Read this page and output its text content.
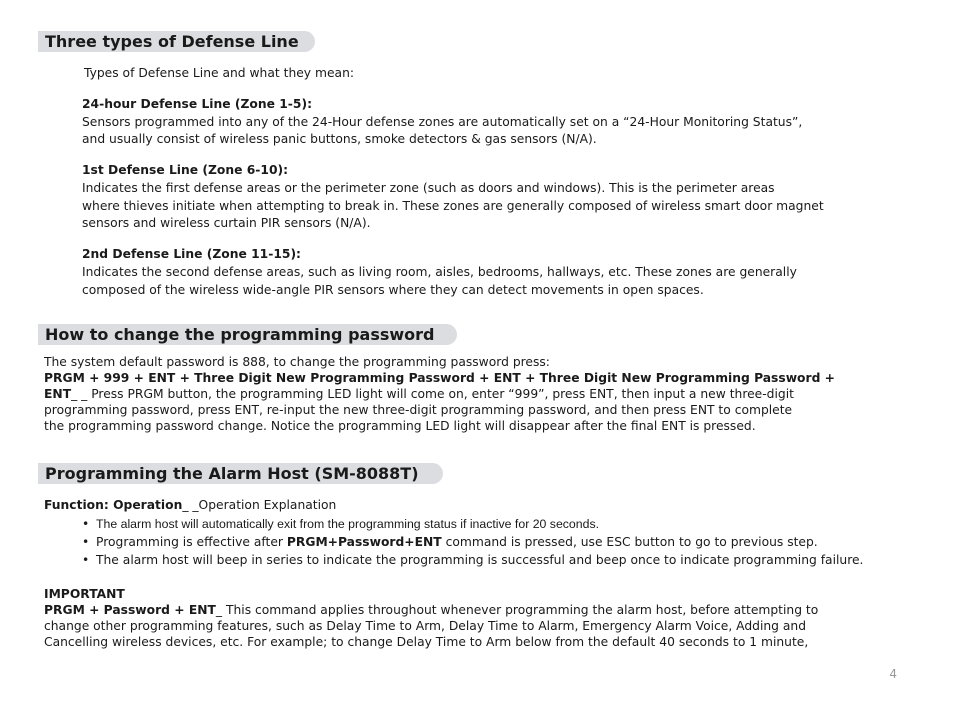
Three types of Defense Line
Types of Defense Line and what they mean:
24-hour Defense Line (Zone 1-5):
Sensors programmed into any of the 24-Hour defense zones are automatically set on a “24-Hour Monitoring Status”,
and usually consist of wireless panic buttons, smoke detectors & gas sensors (N/A).
1st Defense Line (Zone 6-10):
Indicates the first defense areas or the perimeter zone (such as doors and windows). This is the perimeter areas
where thieves initiate when attempting to break in. These zones are generally composed of wireless smart door magnet
sensors and wireless curtain PIR sensors (N/A).
2nd Defense Line (Zone 11-15):
Indicates the second defense areas, such as living room, aisles, bedrooms, hallways, etc. These zones are generally
composed of the wireless wide-angle PIR sensors where they can detect movements in open spaces.
How to change the programming password
The system default password is 888, to change the programming password press:
PRGM + 999 + ENT + Three Digit New Programming Password + ENT + Three Digit New Programming Password +
ENT_ _ Press PRGM button, the programming LED light will come on, enter “999”, press ENT, then input a new three-digit
programming password, press ENT, re-input the new three-digit programming password, and then press ENT to complete
the programming password change. Notice the programming LED light will disappear after the final ENT is pressed.
Programming the Alarm Host (SM-8088T)
Function: Operation_ _Operation Explanation
• The alarm host will automatically exit from the programming status if inactive for 20 seconds.
• Programming is effective after PRGM+Password+ENT command is pressed, use ESC button to go to previous step.
• The alarm host will beep in series to indicate the programming is successful and beep once to indicate programming failure.
IMPORTANT
PRGM + Password + ENT_ This command applies throughout whenever programming the alarm host, before attempting to
change other programming features, such as Delay Time to Arm, Delay Time to Alarm, Emergency Alarm Voice, Adding and
Cancelling wireless devices, etc. For example; to change Delay Time to Arm below from the default 40 seconds to 1 minute,
4
